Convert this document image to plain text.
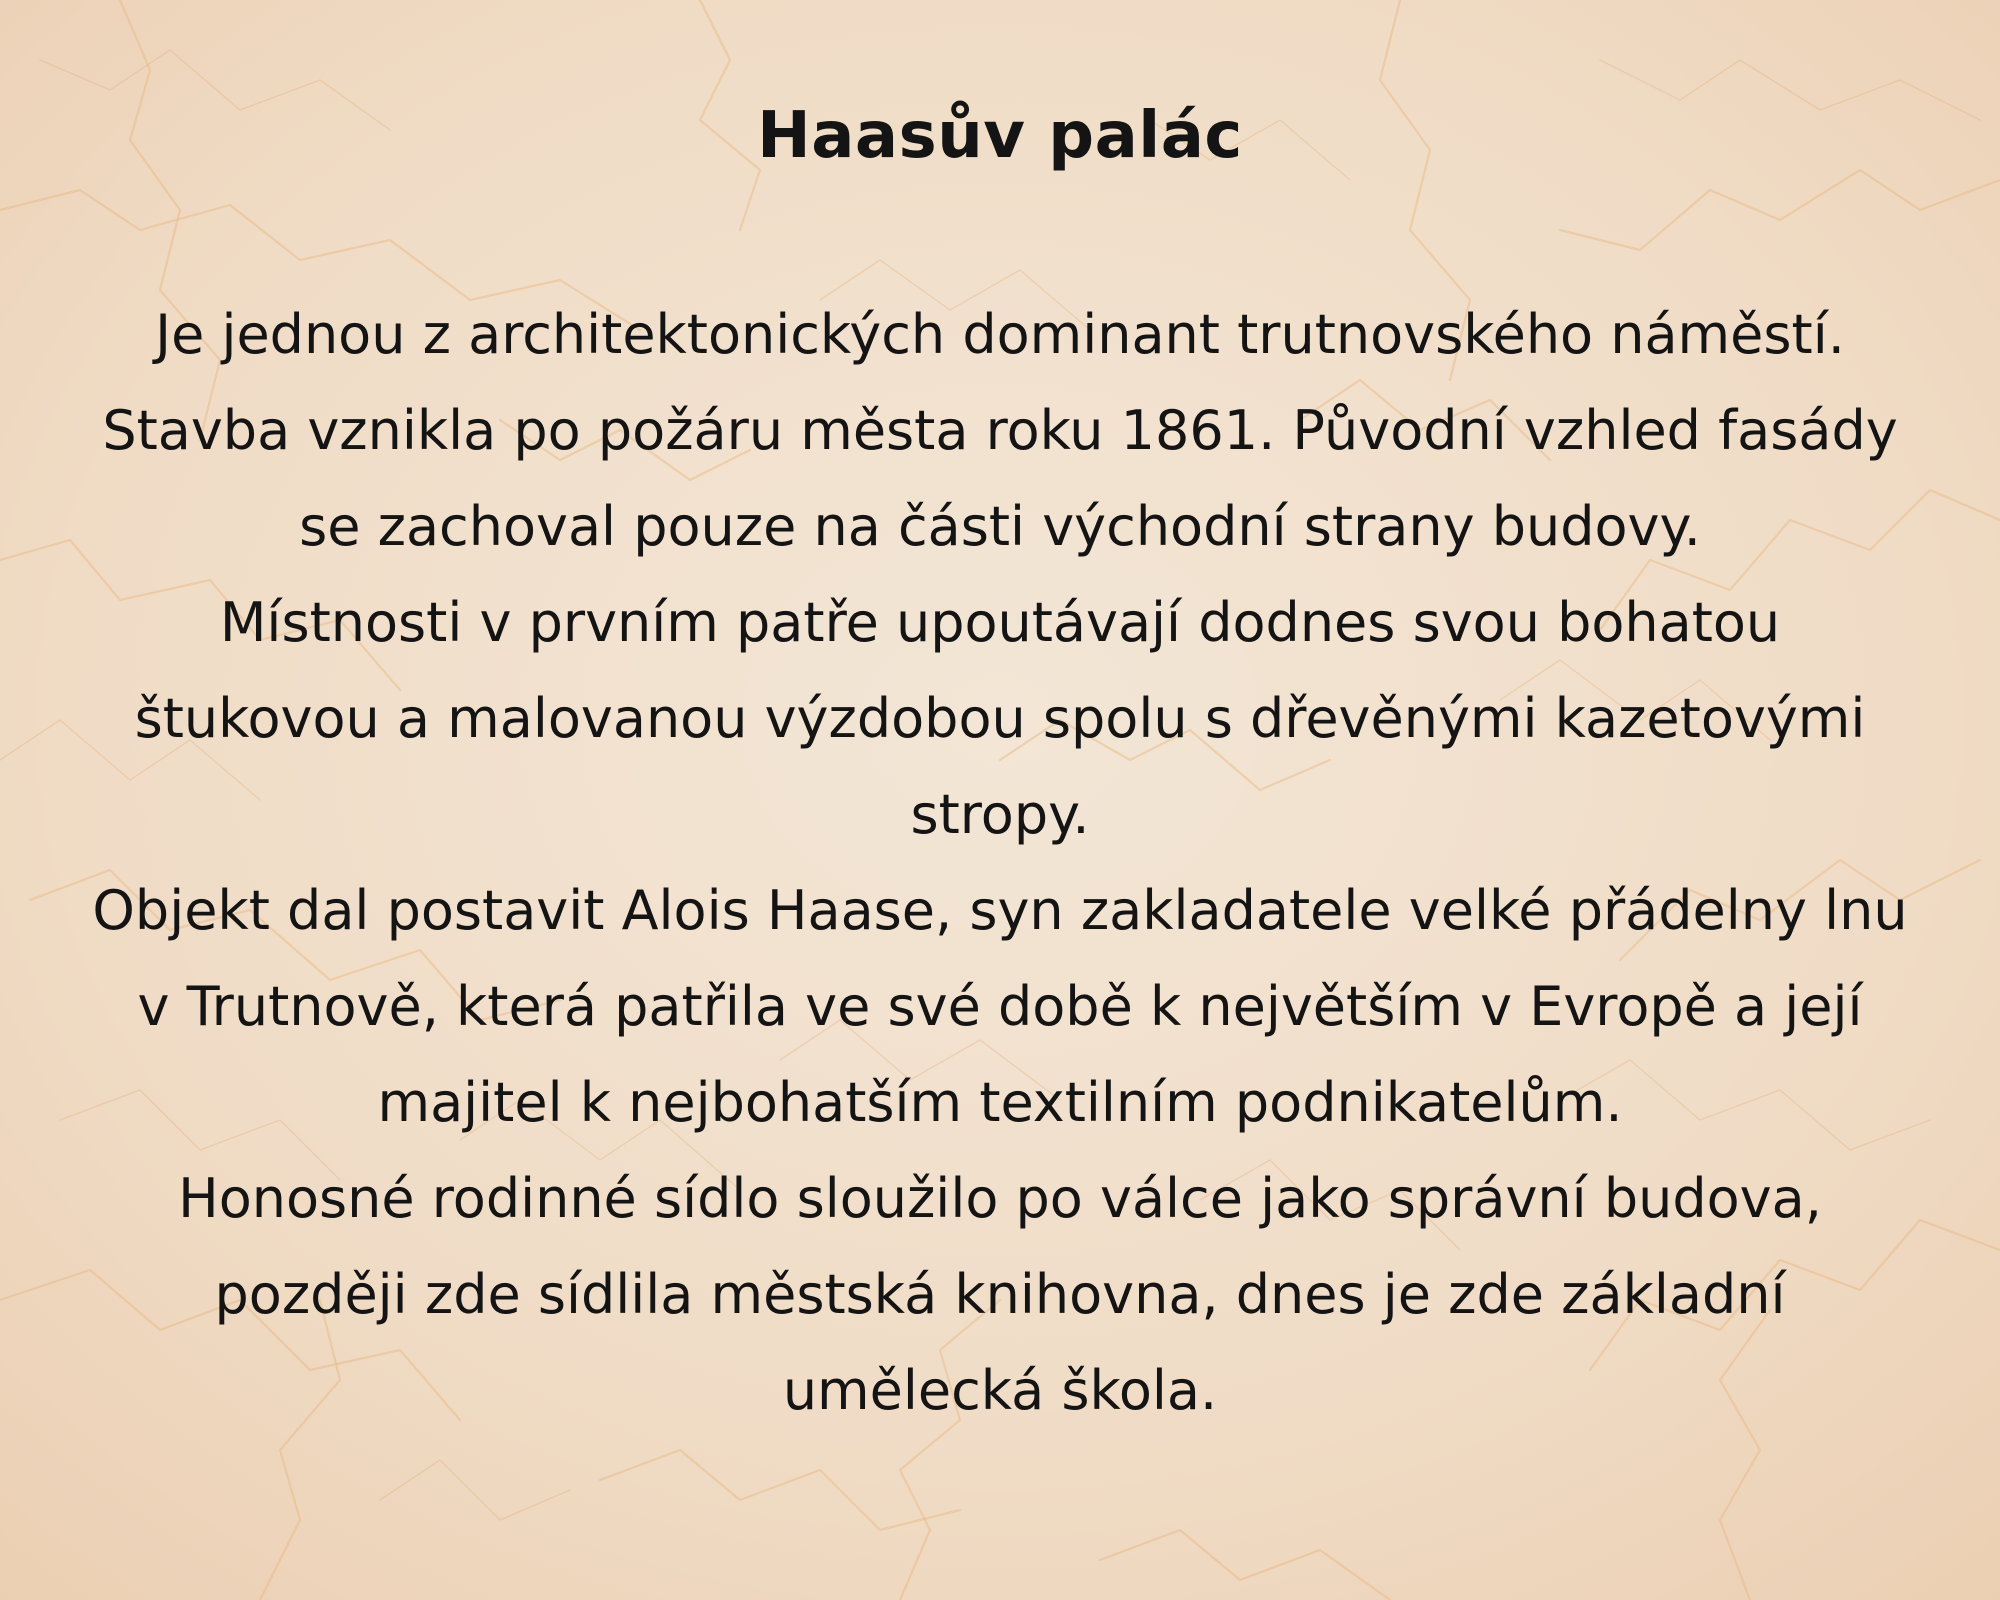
Haasův palác
Je jednou z architektonických dominant trutnovského náměstí.
Stavba vznikla po požáru města roku 1861. Původní vzhled fasády
se zachoval pouze na části východní strany budovy.
Místnosti v prvním patře upoutávají dodnes svou bohatou
štukovou a malovanou výzdobou spolu s dřevěnými kazetovými
stropy.
Objekt dal postavit Alois Haase, syn zakladatele velké přádelny lnu
v Trutnově, která patřila ve své době k největším v Evropě a její
majitel k nejbohatším textilním podnikatelům.
Honosné rodinné sídlo sloužilo po válce jako správní budova,
později zde sídlila městská knihovna, dnes je zde základní
umělecká škola.
